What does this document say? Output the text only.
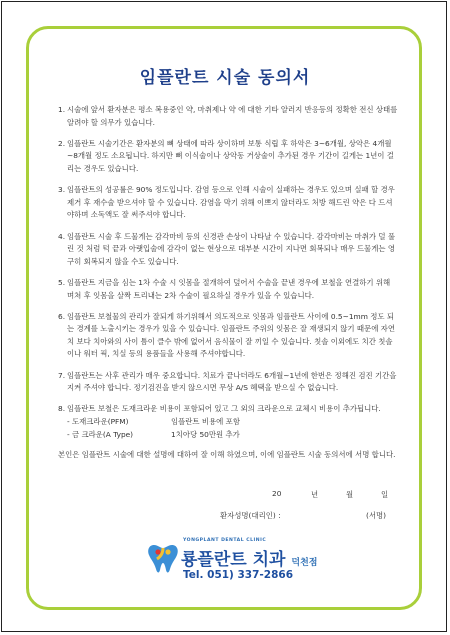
임플란트 시술 동의서
1. 시술에 앞서 환자분은 평소 복용중인 약, 마취제나 약 에 대한 기타 알러지 반응등의 정확한 전신 상태를 알려야 할 의무가 있습니다.
2. 임플란트 시술기간은 환자분의 뼈 상태에 따라 상이하며 보통 식립 후 하악은 3~6개월, 상악은 4개월~8개월 정도 소요됩니다. 하지만 뼈 이식술이나 상악동 거상술이 추가된 경우 기간이 길게는 1년이 걸리는 경우도 있습니다.
3. 임플란트의 성공률은 90% 정도입니다. 감염 등으로 인해 시술이 실패하는 경우도 있으며 실패 할 경우 제거 후 재수술 받으셔야 할 수 있습니다. 감염을 막기 위해 이쁘지 않더라도 처방 해드린 약은 다 드셔야하며 소독액도 잘 써주셔야 합니다.
4. 임플란트 시술 후 드물게는 감각마비 등의 신경관 손상이 나타날 수 있습니다. 감각마비는 마취가 덜 풀린 것 처럼 턱 끝과 아랫입술에 감각이 없는 현상으로 대부분 시간이 지나면 회복되나 매우 드물게는 영구히 회복되지 않을 수도 있습니다.
5. 임플란트 지금을 심는 1차 수술 시 잇몸을 절개하여 덮어서 수술을 끝낸 경우에 보철을 연결하기 위해 며쳐 후 잇몸을 살짝 트리내는 2차 수술이 필요하실 경우가 있을 수 있습니다.
6. 임플란트 보철물의 관리가 잘되게 하기위해서 의도적으로 잇몸과 임플란트 사이에 0.5~1mm 정도 되는 경계를 노출시키는 경우가 있을 수 있습니다. 임플란트 주위의 잇몸은 잘 재생되지 않기 때문에 자연치 보다 치아와의 사이 틈이 클수 밖에 없어서 음식물이 잘 끼일 수 있습니다. 칫솔 이외에도 치간 칫솔이나 워터 픽, 치실 등의 용품들을 사용해 주셔야합니다.
7. 임플란트는 사후 관리가 매우 중요합니다. 치료가 끝나더라도 6개월~1년에 한번은 정해진 검진 기간을 지켜 주셔야 합니다. 정기검진을 받지 않으시면 무상 A/S 혜택을 받으실 수 없습니다.
8. 임플란트 보철은 도재크라운 비용이 포함되어 있고 그 외의 크라운으로 교체시 비용이 추가됩니다.
- 도재크라운(PFM)	임플란트 비용에 포함
- 금 크라운(A Type)	1치아당 50만원 추가
본인은 임플란트 시술에 대한 설명에 대하여 잘 이해 하였으며, 이에 임플란트 시술 동의서에 서명 합니다.
20	년	월	일
환자성명(대리인) :	(서명)
YONGPLANT DENTAL CLINIC
룡플란트 치과 덕천점
Tel. 051) 337-2866
